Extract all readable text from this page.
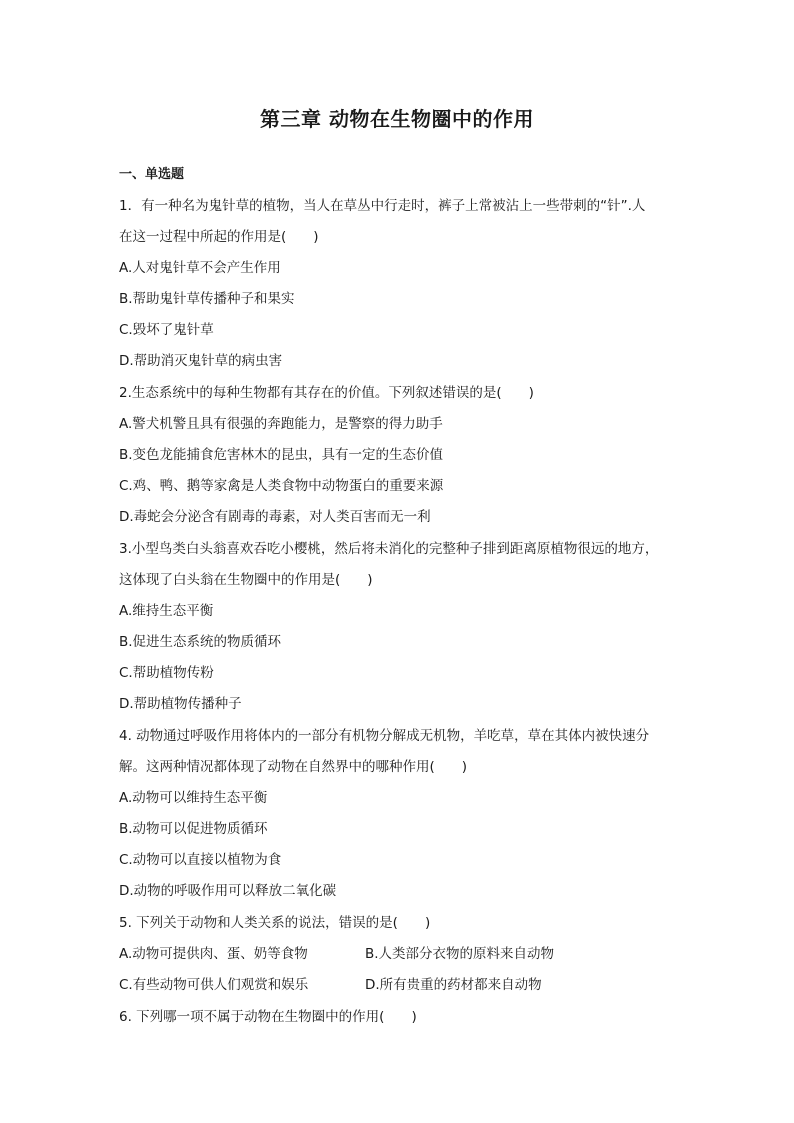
第三章 动物在生物圈中的作用
一、单选题
1．有一种名为鬼针草的植物，当人在草丛中行走时，裤子上常被沾上一些带刺的“针”.人
在这一过程中所起的作用是(　　)
A.人对鬼针草不会产生作用
B.帮助鬼针草传播种子和果实
C.毁坏了鬼针草
D.帮助消灭鬼针草的病虫害
2.生态系统中的每种生物都有其存在的价值。下列叙述错误的是(　　)
A.警犬机警且具有很强的奔跑能力，是警察的得力助手
B.变色龙能捕食危害林木的昆虫，具有一定的生态价值
C.鸡、鸭、鹅等家禽是人类食物中动物蛋白的重要来源
D.毒蛇会分泌含有剧毒的毒素，对人类百害而无一利
3.小型鸟类白头翁喜欢吞吃小樱桃，然后将未消化的完整种子排到距离原植物很远的地方，
这体现了白头翁在生物圈中的作用是(　　)
A.维持生态平衡
B.促进生态系统的物质循环
C.帮助植物传粉
D.帮助植物传播种子
4. 动物通过呼吸作用将体内的一部分有机物分解成无机物，羊吃草，草在其体内被快速分
解。这两种情况都体现了动物在自然界中的哪种作用(　　)
A.动物可以维持生态平衡
B.动物可以促进物质循环
C.动物可以直接以植物为食
D.动物的呼吸作用可以释放二氧化碳
5. 下列关于动物和人类关系的说法，错误的是(　　)
A.动物可提供肉、蛋、奶等食物	B.人类部分衣物的原料来自动物
C.有些动物可供人们观赏和娱乐	D.所有贵重的药材都来自动物
6. 下列哪一项不属于动物在生物圈中的作用(　　)
